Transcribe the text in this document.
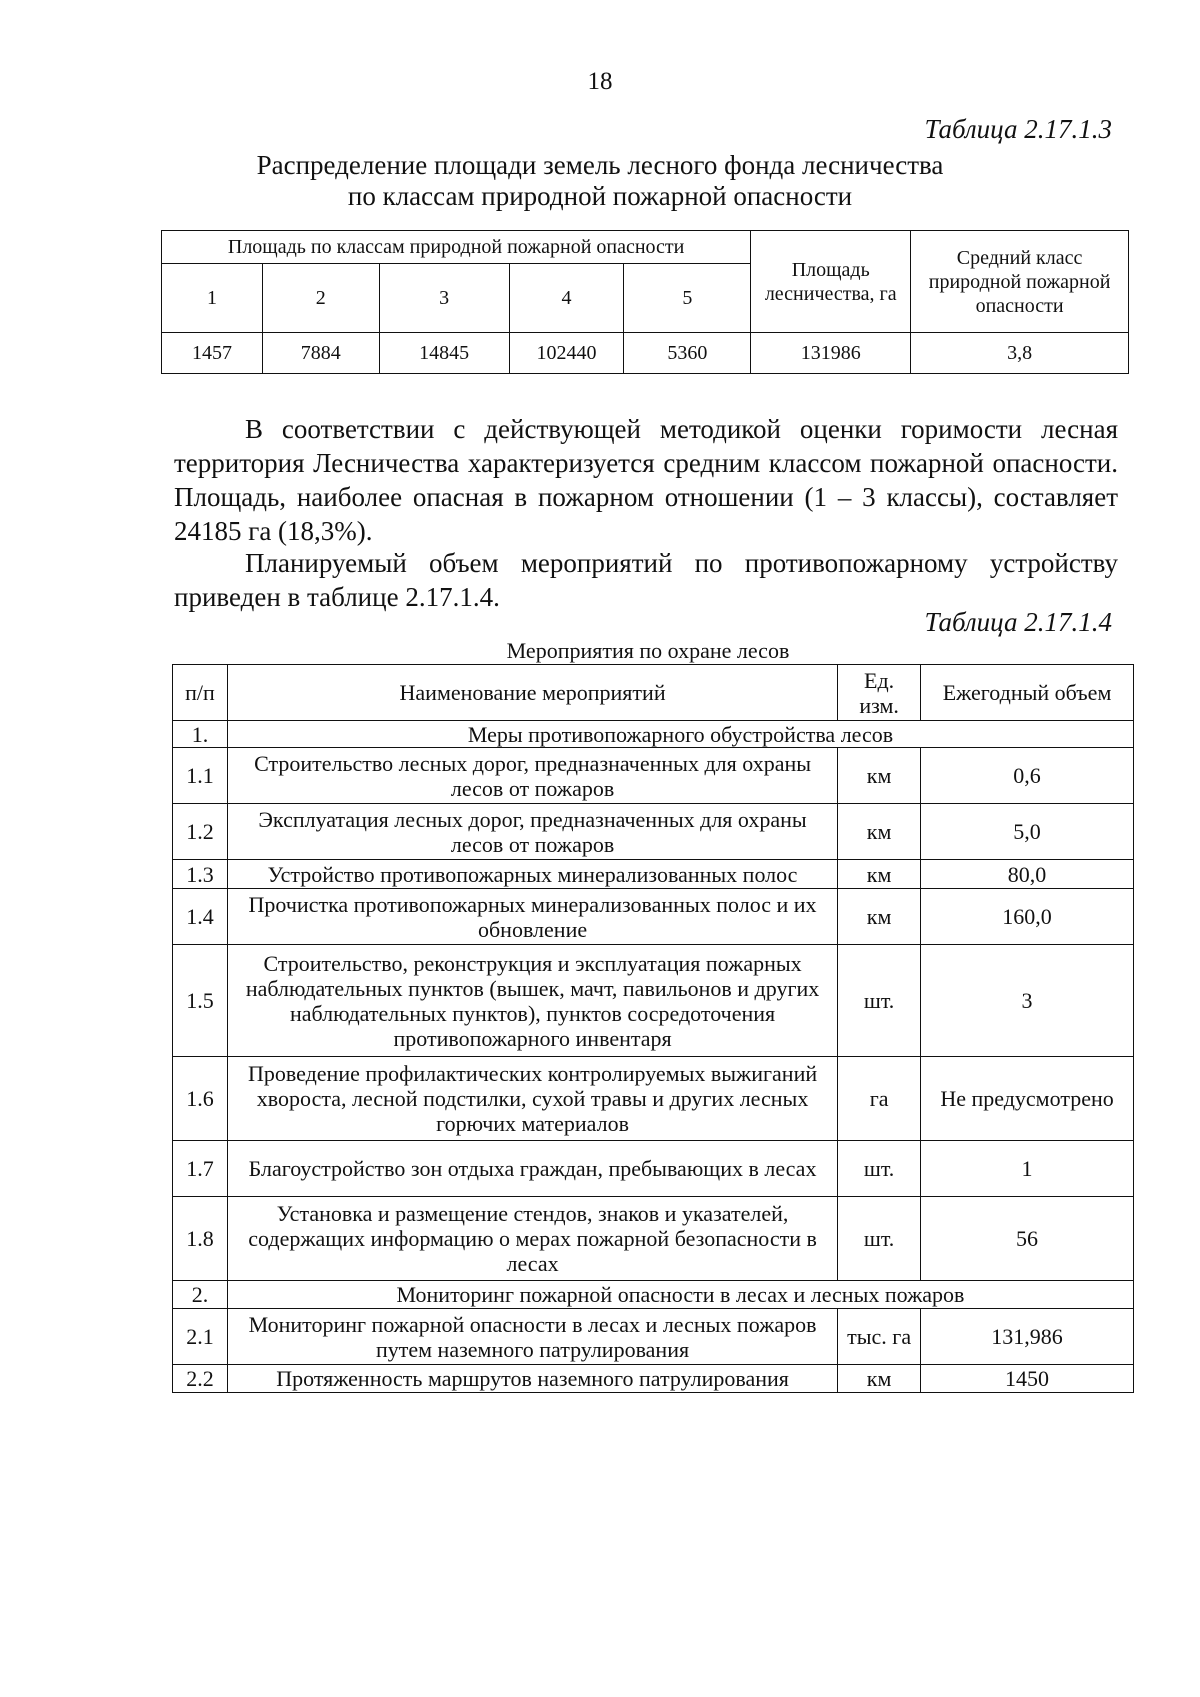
18
Таблица 2.17.1.3
Распределение площади земель лесного фонда лесничества
по классам природной пожарной опасности
Площадь по классам природной пожарной опасности					Площадь лесничества, га	Средний класс природной пожарной опасности
1	2	3	4	5		
1457	7884	14845	102440	5360	131986	3,8
В соответствии с действующей методикой оценки горимости лесная территория Лесничества характеризуется средним классом пожарной опасности. Площадь, наиболее опасная в пожарном отношении (1 – 3 классы), составляет 24185 га (18,3%).
Планируемый объем мероприятий по противопожарному устройству приведен в таблице 2.17.1.4.
Таблица 2.17.1.4
Мероприятия по охране лесов
п/п	Наименование мероприятий	Ед. изм.	Ежегодный объем
1.	Меры противопожарного обустройства лесов		
1.1	Строительство лесных дорог, предназначенных для охраны лесов от пожаров	км	0,6
1.2	Эксплуатация лесных дорог, предназначенных для охраны лесов от пожаров	км	5,0
1.3	Устройство противопожарных минерализованных полос	км	80,0
1.4	Прочистка противопожарных минерализованных полос и их обновление	км	160,0
1.5	Строительство, реконструкция и эксплуатация пожарных наблюдательных пунктов (вышек, мачт, павильонов и других наблюдательных пунктов), пунктов сосредоточения противопожарного инвентаря	шт.	3
1.6	Проведение профилактических контролируемых выжиганий хвороста, лесной подстилки, сухой травы и других лесных горючих материалов	га	Не предусмотрено
1.7	Благоустройство зон отдыха граждан, пребывающих в лесах	шт.	1
1.8	Установка и размещение стендов, знаков и указателей, содержащих информацию о мерах пожарной безопасности в лесах	шт.	56
2.	Мониторинг пожарной опасности в лесах и лесных пожаров		
2.1	Мониторинг пожарной опасности в лесах и лесных пожаров путем наземного патрулирования	тыс. га	131,986
2.2	Протяженность маршрутов наземного патрулирования	км	1450
